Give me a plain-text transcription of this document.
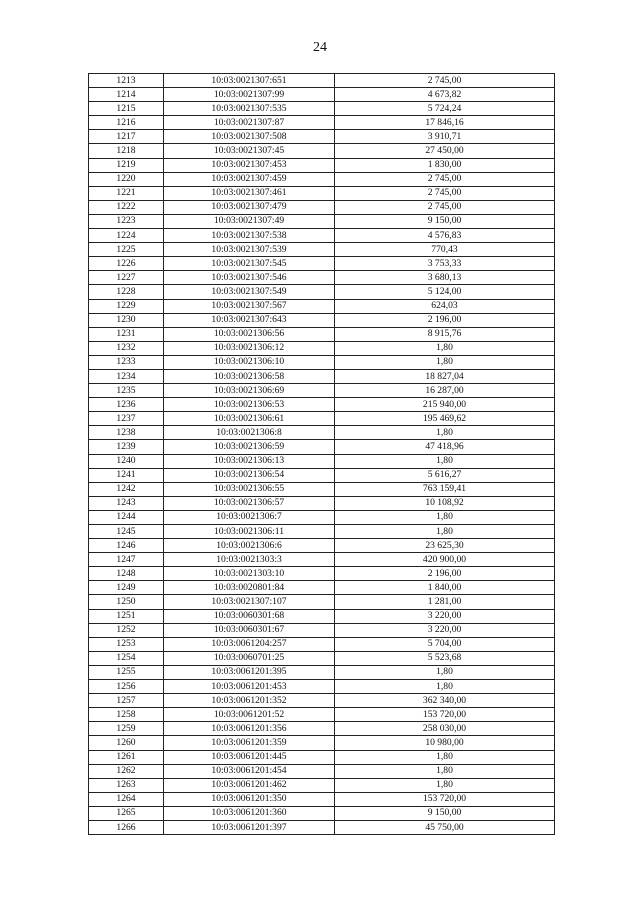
24
1213	10:03:0021307:651	2 745,00
1214	10:03:0021307:99	4 673,82
1215	10:03:0021307:535	5 724,24
1216	10:03:0021307:87	17 846,16
1217	10:03:0021307:508	3 910,71
1218	10:03:0021307:45	27 450,00
1219	10:03:0021307:453	1 830,00
1220	10:03:0021307:459	2 745,00
1221	10:03:0021307:461	2 745,00
1222	10:03:0021307:479	2 745,00
1223	10:03:0021307:49	9 150,00
1224	10:03:0021307:538	4 576,83
1225	10:03:0021307:539	770,43
1226	10:03:0021307:545	3 753,33
1227	10:03:0021307:546	3 680,13
1228	10:03:0021307:549	5 124,00
1229	10:03:0021307:567	624,03
1230	10:03:0021307:643	2 196,00
1231	10:03:0021306:56	8 915,76
1232	10:03:0021306:12	1,80
1233	10:03:0021306:10	1,80
1234	10:03:0021306:58	18 827,04
1235	10:03:0021306:69	16 287,00
1236	10:03:0021306:53	215 940,00
1237	10:03:0021306:61	195 469,62
1238	10:03:0021306:8	1,80
1239	10:03:0021306:59	47 418,96
1240	10:03:0021306:13	1,80
1241	10:03:0021306:54	5 616,27
1242	10:03:0021306:55	763 159,41
1243	10:03:0021306:57	10 108,92
1244	10:03:0021306:7	1,80
1245	10:03:0021306:11	1,80
1246	10:03:0021306:6	23 625,30
1247	10:03:0021303:3	420 900,00
1248	10:03:0021303:10	2 196,00
1249	10:03:0020801:84	1 840,00
1250	10:03:0021307:107	1 281,00
1251	10:03:0060301:68	3 220,00
1252	10:03:0060301:67	3 220,00
1253	10:03:0061204:257	5 704,00
1254	10:03:0060701:25	5 523,68
1255	10:03:0061201:395	1,80
1256	10:03:0061201:453	1,80
1257	10:03:0061201:352	362 340,00
1258	10:03:0061201:52	153 720,00
1259	10:03:0061201:356	258 030,00
1260	10:03:0061201:359	10 980,00
1261	10:03:0061201:445	1,80
1262	10:03:0061201:454	1,80
1263	10:03:0061201:462	1,80
1264	10:03:0061201:350	153 720,00
1265	10:03:0061201:360	9 150,00
1266	10:03:0061201:397	45 750,00
